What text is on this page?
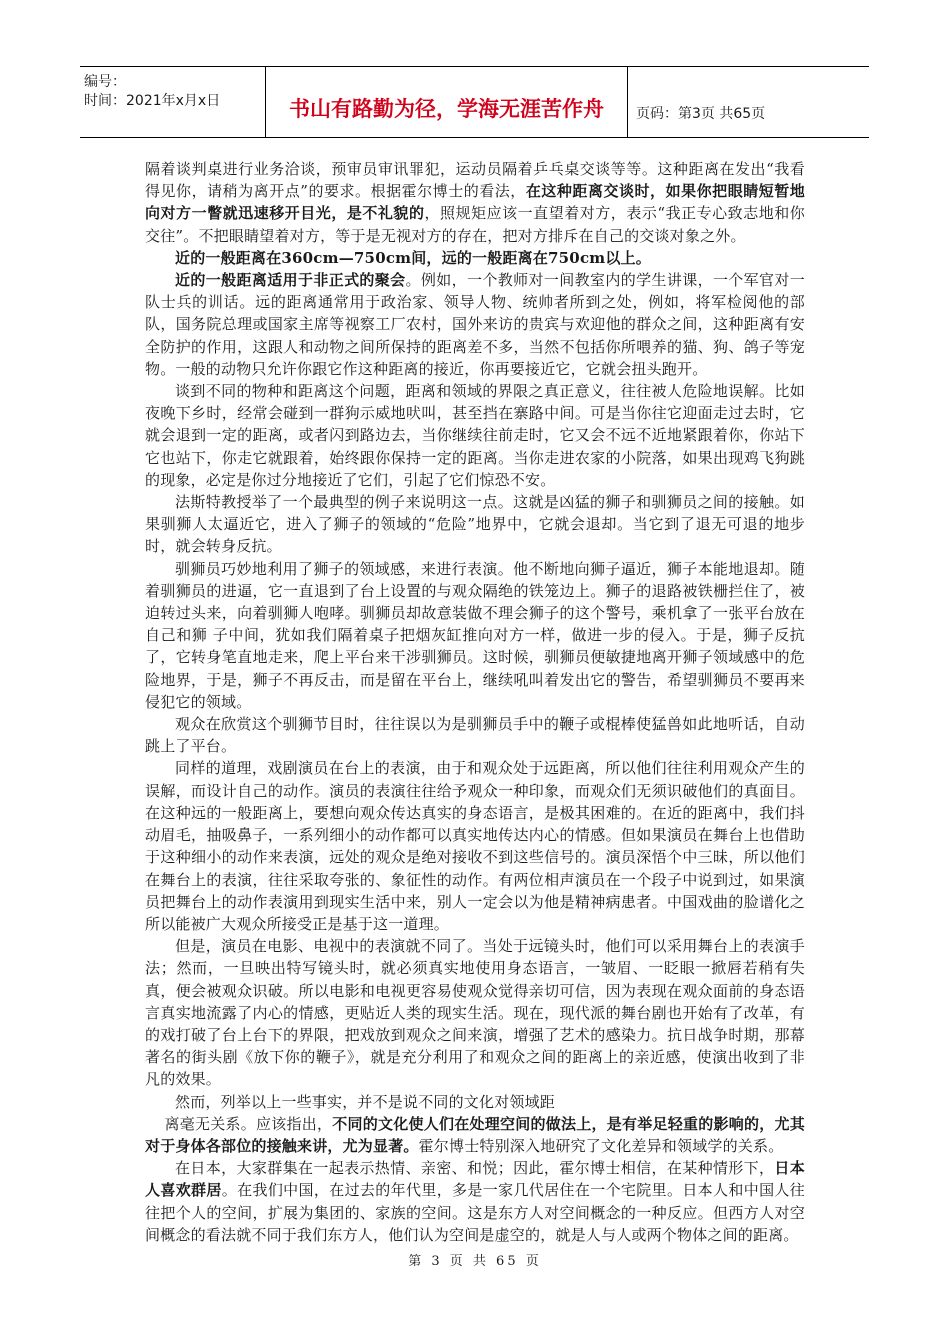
编号：
时间：2021年x月x日	书山有路勤为径，学海无涯苦作舟 页码：第3页 共65页

隔着谈判桌进行业务洽谈，预审员审讯罪犯，运动员隔着乒乓桌交谈等等。这种距离在发出“我看得见你，请稍为离开点”的要求。根据霍尔博士的看法，在这种距离交谈时，如果你把眼睛短暂地向对方一瞥就迅速移开目光，是不礼貌的，照规矩应该一直望着对方，表示“我正专心致志地和你交往”。不把眼睛望着对方，等于是无视对方的存在，把对方排斥在自己的交谈对象之外。

近的一般距离在360cm—750cm间，远的一般距离在750cm以上。

近的一般距离适用于非正式的聚会。例如，一个教师对一间教室内的学生讲课，一个军官对一队士兵的训话。远的距离通常用于政治家、领导人物、统帅者所到之处，例如，将军检阅他的部队，国务院总理或国家主席等视察工厂农村，国外来访的贵宾与欢迎他的群众之间，这种距离有安全防护的作用，这跟人和动物之间所保持的距离差不多，当然不包括你所喂养的猫、狗、鸽子等宠物。一般的动物只允许你跟它作这种距离的接近，你再要接近它，它就会扭头跑开。

谈到不同的物种和距离这个问题，距离和领域的界限之真正意义，往往被人危险地误解。比如夜晚下乡时，经常会碰到一群狗示威地吠叫，甚至挡在寨路中间。可是当你往它迎面走过去时，它就会退到一定的距离，或者闪到路边去，当你继续往前走时，它又会不远不近地紧跟着你，你站下它也站下，你走它就跟着，始终跟你保持一定的距离。当你走进农家的小院落，如果出现鸡飞狗跳的现象，必定是你过分地接近了它们，引起了它们惊恐不安。

法斯特教授举了一个最典型的例子来说明这一点。这就是凶猛的狮子和驯狮员之间的接触。如果驯狮人太逼近它，进入了狮子的领域的“危险”地界中，它就会退却。当它到了退无可退的地步时，就会转身反抗。

驯狮员巧妙地利用了狮子的领域感，来进行表演。他不断地向狮子逼近，狮子本能地退却。随着驯狮员的进逼，它一直退到了台上设置的与观众隔绝的铁笼边上。狮子的退路被铁栅拦住了，被迫转过头来，向着驯狮人咆哮。驯狮员却故意装做不理会狮子的这个警号，乘机拿了一张平台放在自己和狮 子中间，犹如我们隔着桌子把烟灰缸推向对方一样，做进一步的侵入。于是，狮子反抗了，它转身笔直地走来，爬上平台来干涉驯狮员。这时候，驯狮员便敏捷地离开狮子领域感中的危险地界，于是，狮子不再反击，而是留在平台上，继续吼叫着发出它的警告，希望驯狮员不要再来侵犯它的领域。

观众在欣赏这个驯狮节目时，往往误以为是驯狮员手中的鞭子或棍棒使猛兽如此地听话，自动跳上了平台。

同样的道理，戏剧演员在台上的表演，由于和观众处于远距离，所以他们往往利用观众产生的误解，而设计自己的动作。演员的表演往往给予观众一种印象，而观众们无须识破他们的真面目。在这种远的一般距离上，要想向观众传达真实的身态语言，是极其困难的。在近的距离中，我们抖动眉毛，抽吸鼻子，一系列细小的动作都可以真实地传达内心的情感。但如果演员在舞台上也借助于这种细小的动作来表演，远处的观众是绝对接收不到这些信号的。演员深悟个中三昧，所以他们在舞台上的表演，往往采取夸张的、象征性的动作。有两位相声演员在一个段子中说到过，如果演员把舞台上的动作表演用到现实生活中来，别人一定会以为他是精神病患者。中国戏曲的脸谱化之所以能被广大观众所接受正是基于这一道理。

但是，演员在电影、电视中的表演就不同了。当处于远镜头时，他们可以采用舞台上的表演手法；然而，一旦映出特写镜头时，就必须真实地使用身态语言，一皱眉、一眨眼一掀唇若稍有失真，便会被观众识破。所以电影和电视更容易使观众觉得亲切可信，因为表现在观众面前的身态语言真实地流露了内心的情感，更贴近人类的现实生活。现在，现代派的舞台剧也开始有了改革，有的戏打破了台上台下的界限，把戏放到观众之间来演，增强了艺术的感染力。抗日战争时期，那幕著名的街头剧《放下你的鞭子》，就是充分利用了和观众之间的距离上的亲近感，使演出收到了非凡的效果。

然而，列举以上一些事实，并不是说不同的文化对领域距

离毫无关系。应该指出，不同的文化使人们在处理空间的做法上，是有举足轻重的影响的，尤其对于身体各部位的接触来讲，尤为显著。霍尔博士特别深入地研究了文化差异和领域学的关系。

在日本，大家群集在一起表示热情、亲密、和悦；因此，霍尔博士相信，在某种情形下，日本人喜欢群居。在我们中国，在过去的年代里，多是一家几代居住在一个宅院里。日本人和中国人往往把个人的空间，扩展为集团的、家族的空间。这是东方人对空间概念的一种反应。但西方人对空间概念的看法就不同于我们东方人，他们认为空间是虚空的，就是人与人或两个物体之间的距离。

第 3 页 共 65 页
